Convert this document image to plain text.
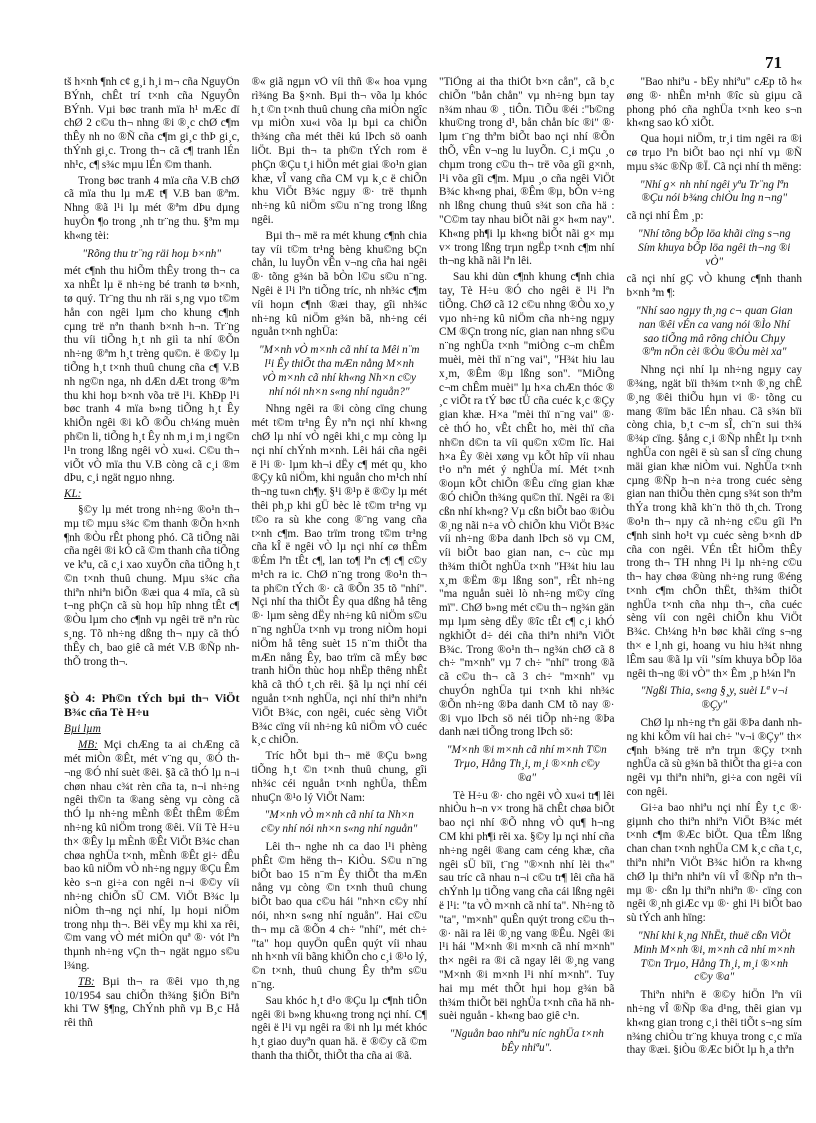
71

tš h×nh ¶nh c¢ g¸i h¸i m¬ cña NguyÔn BÝnh, chÊt trí t×nh cña NguyÔn BÝnh. Vµi bøc tranh mïa h¹ mÆc dï chØ 2 c©u th¬ nhng ®i ®¸c chØ c¶m thÊy nh no ®Ñ cña c¶m gi¸c thÞ gi¸c, thÝnh gi¸c. Trong th¬ cã c¶ tranh lÉn nh¹c, c¶ s¾c mµu lÉn ©m thanh.

Trong bøc tranh 4 mïa cña V.B chØ cã mïa thu lµ mÆ t¶ V.B ban ®ªm. Nhng ®ã l¹i lµ mét ®ªm dÞu dµng huyÒn ¶o trong ¸nh tr¨ng thu. §ªm mµ kh«ng tèi:

"Rõng thu tr¨ng räi hoµ b×nh"

mét c¶nh thu hiÕm thÊy trong th¬ ca xa nhÊt lµ ë nh÷ng bé tranh tø b×nh, tø quý. Tr¨ng thu nh räi s¸ng vµo t©m hån con ngêi lµm cho khung c¶nh cµng trë nªn thanh b×nh h¬n. Tr¨ng thu víi tiÕng h¸t nh giì ta nhí ®Õn nh÷ng ®ªm h¸t trèng qu©n. ë ®©y lµ tiÕng h¸t t×nh thuû chung cña c¶ V.B nh ng©n nga, nh dÆn dÆt trong ®ªm thu khi hoµ b×nh võa trë l¹i. KhÐp l¹i bøc tranh 4 mïa b»ng tiÕng h¸t Êy khiÕn ngêi ®i kÕ ®Õu ch¼ng muèn ph©n li, tiÕng h¸t Êy nh m¸i m¸i ng©n l¹n trong lßng ngêi vÒ xu«i. C©u th¬ viÕt vÒ mïa thu V.B còng cã c¸i ®m dÞu, c¸i ngät ngµo nhng.

KL:

§©y lµ mét trong nh÷ng ®o¹n th¬ mµ t© mµu s¾c ©m thanh ®Õn h×nh ¶nh ®Òu rÊt phong phó. Cã tiÕng nãi cña ngêi ®i kÓ cã ©m thanh cña tiÕng ve kªu, cã c¸i xao xuyÕn cña tiÕng h¸t ©n t×nh thuû chung. Mµu s¾c cña thiªn nhiªn biÕn ®æi qua 4 mïa, cã sù t¬ng phÇn cã sù hoµ hîp nhng tÊt c¶ ®Òu lµm cho c¶nh vµ ngêi trë nªn rùc s¸ng. Tõ nh÷ng dßng th¬ nµy cã thÓ thÊy ch¸ bao giê cã mét V.B ®Ñp nh thÕ trong th¬.

§Ò 4: Ph©n tÝch bµi th¬ ViÖt B¾c cña Tè H÷u
Bµi lµm

MB: Mçi chÆng ta ai chÆng cã mét miÒn ®Êt, mét v¨ng qu¸ ®Ó th¬ng ®Ó nhí suèt ®êi. §ã cã thÓ lµ n¬i chøn nhau c¾t rèn cña ta, n¬i nh÷ng ngêi th©n ta ®ang sèng vµ còng cã thÓ lµ nh÷ng mÈnh ®Êt thÊm ®Ém nh÷ng kû niÖm trong ®êi. Víi Tè H÷u th× ®Êy lµ mÈnh ®Êt ViÖt B¾c chan chøa nghÜa t×nh, mÈnh ®Êt gi÷ dÊu bao kû niÖm vÒ nh÷ng ngµy ®Çu Êm kèo s¬n gi÷a con ngêi n¬i ®©y víi nh÷ng chiÕn sÜ CM. ViÖt B¾c lµ niÒm th¬ng nçi nhí, lµ hoµi niÖm trong nhµ th¬. Bëi vËy mµ khi xa rêi, ©m vang vÒ mét miÒn quª ®· vót lªn thµnh nh÷ng vÇn th¬ ngät ngµo s©u l¾ng.

TB: Bµi th¬ ra ®êi vµo th¸ng 10/1954 sau chiÕn th¾ng §iÖn Biªn khi TW §¶ng, ChÝnh phñ vµ B¸c Hå rêi thñ

®« giã ngµn vÒ víi thñ ®« hoa vµng rì¾ng Ba §×nh. Bµi th¬ võa lµ khóc h¸t ©n t×nh thuû chung cña miÒn ngîc vµ miÒn xu«i võa lµ bµi ca chiÕn th¾ng cña mét thêi kú lÞch sö oanh liÖt. Bµi th¬ ta ph©n tÝch rom ë phÇn ®Çu t¸i hiÖn mét giai ®o¹n gian khæ, vÎ vang cña CM vµ k¸c ë chiÕn khu ViÖt B¾c ngµy ®· trë thµnh nh÷ng kû niÖm s©u n¨ng trong lßng ngêi.

Bµi th¬ më ra mét khung c¶nh chia tay víi t©m tr¹ng bèng khu©ng bÇn chån, lu luyÕn vÊn v¬ng cña hai ngêi ®· tõng g¾n bã bÒn l©u s©u n¨ng. Ngêi ë l¹i lªn tiÕng tríc, nh nh¾c c¶m víi hoµn c¶nh ®æi thay, gîi nh¾c nh÷ng kû niÖm g¾n bã, nh÷ng céi nguån t×nh nghÜa:

"M×nh vÒ m×nh cã nhí ta Mêi n¨m l¹i Êy thiÕt tha mÆn nång M×nh vÒ m×nh cã nhí kh«ng Nh×n c©y nhí nói nh×n s«ng nhí nguån?"

Nhng ngêi ra ®i còng cïng chung mét t©m tr¹ng Êy nªn nçi nhí kh«ng chØ lµ nhí vÒ ngêi khi¸c mµ còng lµ nçi nhí chÝnh m×nh. Lêi hái cña ngêi ë l¹i ®· lµm kh¬i dËy c¶ mét qu¸ kho ®Çy kû niÖm, khi nguån cho m¹ch nhí th¬ng tu«n ch¶y. §¹i ®¹p ë ®©y lµ mét thêi ph¸p khi gÜ bèc lè t©m tr¹ng vµ t©o ra sù khe cong ®¨ng vang cña t×nh c¶m. Bao trïm trong t©m tr¹ng cña kÎ ë ngêi vÒ lµ nçi nhí cø thÊm ®Ém lªn tÊt c¶, lan to¶ lªn c¶ c¶ c©y m¹ch ra ic. ChØ n¨ng trong ®o¹n th¬ ta ph©n tÝch ®· cã ®Õn 35 tõ "nhí". Nçi nhí tha thiÕt Êy qua dßng hå têng ®· lµm sèng dËy nh÷ng kû niÖm s©u n¨ng nghÜa t×nh vµ trong niÒm hoµi niÖm hå têng suèt 15 n¨m thiÕt tha mÆn nång Êy, bao trïm cã mÉy bøc tranh hiÖn thùc hoµ nhËp thêng nhÊt khã cã thÓ t¸ch rêi. §ã lµ nçi nhí céi nguån t×nh nghÜa, nçi nhí thiªn nhiªn ViÖt B¾c, con ngêi, cuéc sèng ViÖt B¾c cïng víi nh÷ng kû niÖm vÒ cuéc k¸c chiÕn.

Tríc hÕt bµi th¬ më ®Çu b»ng tiÕng h¸t ©n t×nh thuû chung, gîi nh¾c céi nguån t×nh nghÜa, thÊm nhuÇn ®¹o lý ViÖt Nam:

"M×nh vÒ m×nh cã nhí ta Nh×n c©y nhí nói nh×n s«ng nhí nguån"

Lêi th¬ nghe nh ca dao l¹i phèng phÊt ©m hëng th¬ KiÒu. S©u n¨ng biÕt bao 15 n¨m Êy thiÕt tha mÆn nång vµ còng ©n t×nh thuû chung biÕt bao qua c©u hái "nh×n c©y nhí nói, nh×n s«ng nhí nguån". Hai c©u th¬ mµ cã ®Õn 4 ch÷ "nhí", mét ch÷ "ta" hoµ quyÖn quÊn quýt víi nhau nh h×nh víi bãng khiÕn cho c¸i ®¹o lý, ©n t×nh, thuû chung Êy thªm s©u n¨ng.

Sau khóc h¸t d¹o ®Çu lµ c¶nh tiÔn ngêi ®i b»ng khu«ng trong nçi nhí. C¶ ngêi ë l¹i vµ ngêi ra ®i nh lµ mét khóc h¸t giao duyªn quan hä. ë ®©y cã ©m thanh tha thiÕt, thiÕt tha cña ai ®ã.

"TiÕng ai tha thiÕt b×n cån", cã b¸c chiÕn "bån chån" vµ nh÷ng bµn tay n¾m nhau ® ¸ tiÔn. TiÕu ®éi :"b©ng khu©ng trong d¹, bån chån bíc ®i" ®· lµm t¨ng thªm biÕt bao nçi nhí ®Õn thÕ, vÊn v¬ng lu luyÕn. C¸i mÇu ¸o chµm trong c©u th¬ trë võa gîi g×nh, l¹i võa gîi c¶m. Mµu ¸o cña ngêi ViÖt B¾c kh«ng phai, ®Êm ®µ, bÒn v÷ng nh lßng chung thuû s¾t son cña hä : "C©m tay nhau biÕt nãi g× h«m nay". Kh«ng ph¶i lµ kh«ng biÕt nãi g× mµ v× trong lßng trµn ngËp t×nh c¶m nhí th¬ng khã nãi lªn lêi.

Sau khi dùn c¶nh khung c¶nh chia tay, Tè H÷u ®Ó cho ngêi ë l¹i lªn tiÕng. ChØ cã 12 c©u nhng ®Òu xo¸y vµo nh÷ng kû niÖm cña nh÷ng ngµy CM ®Çn trong níc, gian nan nhng s©u n¨ng nghÜa t×nh "miÒng c¬m chÊm muèi, mèi thï n¨ng vai", "H¾t hiu lau x¸m, ®Êm ®µ lßng son". "MiÕng c¬m chÊm muèi" lµ h×a chÆn thóc ® ¸c viÕt ra tÝ bøc tÜ cña cuéc k¸c ®Çy gian khæ. H×a "mèi thï n¨ng vai" ®· cè thÓ ho¸ vÊt chÊt ho, mèi thï cña nh©n d©n ta víi qu©n x©m lîc. Hai h×a Êy ®èi xøng vµ kÕt hîp víi nhau t¹o nªn mét ý nghÜa mí. Mét t×nh ®oµn kÕt chiÕn ®Êu cïng gian khæ ®Ó chiÕn th¾ng qu©n thï. Ngêi ra ®i cßn nhí kh«ng? Vµ cßn biÕt bao ®iÒu ®¸ng nãi n÷a vÒ chiÕn khu ViÖt B¾c víi nh÷ng ®Þa danh lÞch sö vµ CM, víi biÕt bao gian nan, c¬ cùc mµ th¾m thiÕt nghÜa t×nh "H¾t hiu lau x¸m ®Ëm ®µ lßng son", rÊt nh÷ng "ma nguån suèi lò nh÷ng m©y cïng mï". ChØ b»ng mét c©u th¬ ng¾n gän mµ lµm sèng dËy ®îc tÊt c¶ c¸i khÓ ngkhiÕt d÷ déi cña thiªn nhiªn ViÖt B¾c. Trong ®o¹n th¬ ng¾n chØ cã 8 ch÷ "m×nh" vµ 7 ch÷ "nhí" trong ®ã cã c©u th¬ cã 3 ch÷ "m×nh" vµ chuyÓn nghÜa tµi t×nh khi nh¾c ®Õn nh÷ng ®Þa danh CM tõ nay ®· ®i vµo lÞch sö néi tiÕp nh÷ng ®Þa danh næi tiÕng trong lÞch sö:

"M×nh ®i m×nh cã nhí m×nh T©n Trµo, Hång Th¸i, m¸i ®×nh c©y ®a"

Tè H÷u ®· cho ngêi vÒ xu«i tr¶ lêi nhiÒu h¬n v× trong hä chÊt chøa biÕt bao nçi nhí ®Õ nhng vÒ qu¶ h¬ng CM khi ph¶i rêi xa. §©y lµ nçi nhí cña nh÷ng ngêi ®ang cam céng khæ, cña ngêi sÜ bïi, t¨ng "®×nh nhí lèi th«" sau tríc cã nhau n¬i c©u tr¶ lêi cña hä chÝnh lµ tiÕng vang cña cái lßng ngêi ë l¹i: "ta vÒ m×nh cã nhí ta". Nh÷ng tõ "ta", "m×nh" quÊn quýt trong c©u th¬ ®· nãi ra lêi ®¸ng vang ®Êu. Ngêi ®i l¹i hái "M×nh ®i m×nh cã nhí m×nh" th× ngêi ra ®i cã ngay lêi ®¸ng vang "M×nh ®i m×nh l¹i nhí m×nh". Tuy hai mµ mét thÕt hµi hoµ g¾n bã th¾m thiÕt bëi nghÜa t×nh cña hä nh suèi nguån - kh«ng bao giê c¹n.

"Nguån bao nhiªu níc nghÜa t×nh bÊy nhiªu".

"Bao nhiªu - bÊy nhiªu" cÆp tõ h« øng ®· nhÊn m¹nh ®îc sù giµu cã phong phó cña nghÜa t×nh keo s¬n kh«ng sao kÓ xiÕt.

Qua hoµi niÖm, tr¸i tim ngêi ra ®i cø trµo lªn biÕt bao nçi nhí vµ ®Ñ mµu s¾c ®Ñp ®Ï. Cã nçi nhí th mëng:

"Nhí g× nh nhí ngêi yªu Tr¨ng lªn ®Çu nói b¾ng chiÒu lng n¬ng"

cã nçi nhí Êm ¸p:

"Nhí tõng bÕp löa khãi cïng s¬ng Sím khuya bÕp löa ngêi th¬ng ®i vÒ"

cã nçi nhí gÇ vÒ khung c¶nh thanh b×nh ªm ¶:

"Nhí sao ngµy th¸ng c¬ quan Gian nan ®êi vÉn ca vang nói ®Ìo Nhí sao tiÕng mâ rõng chiÒu Chµy ®ªm nÖn cèi ®Òu ®Òu mèi xa"

Nhng nçi nhí lµ nh÷ng ngµy cay ®¾ng, ngät bïi th¾m t×nh ®¸ng chÊ ®¸ng ®êi thiÕu hµn vi ®· tõng cu mang ®ïm bäc lÉn nhau. Cã s¾n bïi còng chia, b¸t c¬m sÎ, ch¨n sui th¾ ®¾p cïng. §ång c¸i ®Ñp nhÊt lµ t×nh nghÜa con ngêi ë sù san sÎ cïng chung mäi gian khæ niÒm vui. NghÜa t×nh cµng ®Ñp h¬n n÷a trong cuéc sèng gian nan thiÕu thèn cµng s¾t son thªm thÝa trong khã kh¨n thö th¸ch. Trong ®o¹n th¬ nµy cã nh÷ng c©u gîi lªn c¶nh sinh ho¹t vµ cuéc sèng b×nh dÞ cña con ngêi. VÉn tÊt hiÕm thÊy trong th¬ TH nhng l¹i lµ nh÷ng c©u th¬ hay chøa ®ùng nh÷ng rung ®éng t×nh c¶m chÕn thËt, th¾m thiÕt nghÜa t×nh cña nhµ th¬, cña cuéc sèng víi con ngêi chiÕn khu ViÖt B¾c. Ch¼ng h¹n bøc khãi cïng s¬ng th× e l¸nh gi, hoang vu hiu h¾t nhng lÊm sau ®ã lµ víi "sím khuya bÕp löa ngêi th¬ng ®i vÒ" th× Êm ¸p h¼n lªn

"Ngßi Thia, s«ng §¸y, suèi Lª v¬i ®Çy"

ChØ lµ nh÷ng tªn gäi ®Þa danh nhng khi kÕm víi hai ch÷ "v¬i ®Çy" th× c¶nh b¾ng trë nªn trµn ®Çy t×nh nghÜa cã sù g¾n bã thiÕt tha gi÷a con ngêi vµ thiªn nhiªn, gi÷a con ngêi víi con ngêi.

Gi÷a bao nhiªu nçi nhí Êy t¸c ®· giµnh cho thiªn nhiªn ViÖt B¾c mét t×nh c¶m ®Æc biÖt. Qua tÊm lßng chan chan t×nh nghÜa CM k¸c cña t¸c, thiªn nhiªn ViÖt B¾c hiÖn ra kh«ng chØ lµ thiªn nhiªn víi vÎ ®Ñp nªn th¬ mµ ®· cßn lµ thiªn nhiªn ®· cïng con ngêi ®¸nh giÆc vµ ®· ghi l¹i biÕt bao sù tÝch anh hïng:

"Nhí khi k¸ng NhËt, thuë cßn ViÖt Minh M×nh ®i, m×nh cã nhí m×nh T©n Trµo, Hång Th¸i, m¸i ®×nh c©y ®a"

Thiªn nhiªn ë ®©y hiÖn lªn víi nh÷ng vÎ ®Ñp ®a d¹ng, thêi gian vµ kh«ng gian trong c¸i thêi tiÕt s¬ng sím n¾ng chiÒu tr¨ng khuya trong c¸c mïa thay ®æi. §iÒu ®Æc biÖt lµ h¸a thªn
